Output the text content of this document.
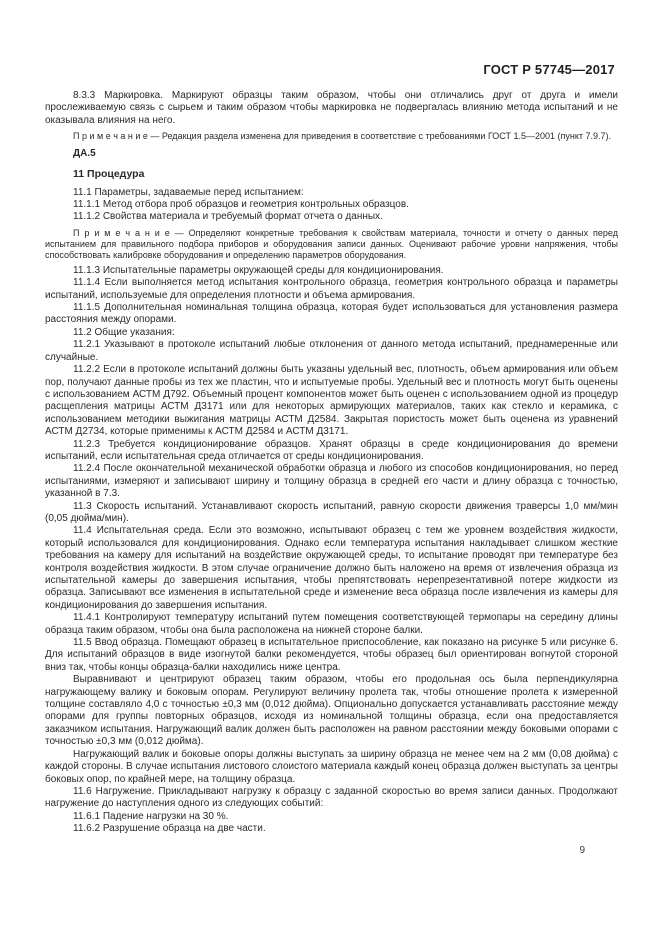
ГОСТ Р 57745—2017

8.3.3 Маркировка. Маркируют образцы таким образом, чтобы они отличались друг от друга и имели прослеживаемую связь с сырьем и таким образом чтобы маркировка не подвергалась влиянию метода испытаний и не оказывала влияния на него.

П р и м е ч а н и е — Редакция раздела изменена для приведения в соответствие с требованиями ГОСТ 1.5—2001 (пункт 7.9.7).

ДА.5

11 Процедура

11.1 Параметры, задаваемые перед испытанием:

11.1.1 Метод отбора проб образцов и геометрия контрольных образцов.

11.1.2 Свойства материала и требуемый формат отчета о данных.

П р и м е ч а н и е — Определяют конкретные требования к свойствам материала, точности и отчету о данных перед испытанием для правильного подбора приборов и оборудования записи данных. Оценивают рабочие уровни напряжения, чтобы способствовать калибровке оборудования и определению параметров оборудования.

11.1.3 Испытательные параметры окружающей среды для кондиционирования.

11.1.4 Если выполняется метод испытания контрольного образца, геометрия контрольного образца и параметры испытаний, используемые для определения плотности и объема армирования.

11.1.5 Дополнительная номинальная толщина образца, которая будет использоваться для установления размера расстояния между опорами.

11.2 Общие указания:

11.2.1 Указывают в протоколе испытаний любые отклонения от данного метода испытаний, преднамеренные или случайные.

11.2.2 Если в протоколе испытаний должны быть указаны удельный вес, плотность, объем армирования или объем пор, получают данные пробы из тех же пластин, что и испытуемые пробы. Удельный вес и плотность могут быть оценены с использованием АСТМ Д792. Объемный процент компонентов может быть оценен с использованием одной из процедур расщепления матрицы АСТМ Д3171 или для некоторых армирующих материалов, таких как стекло и керамика, с использованием методики выжигания матрицы АСТМ Д2584. Закрытая пористость может быть оценена из уравнений АСТМ Д2734, которые применимы к АСТМ Д2584 и АСТМ Д3171.

11.2.3 Требуется кондиционирование образцов. Хранят образцы в среде кондиционирования до времени испытаний, если испытательная среда отличается от среды кондиционирования.

11.2.4 После окончательной механической обработки образца и любого из способов кондиционирования, но перед испытаниями, измеряют и записывают ширину и толщину образца в средней его части и длину образца с точностью, указанной в 7.3.

11.3 Скорость испытаний. Устанавливают скорость испытаний, равную скорости движения траверсы 1,0 мм/мин (0,05 дюйма/мин).

11.4 Испытательная среда. Если это возможно, испытывают образец с тем же уровнем воздействия жидкости, который использовался для кондиционирования. Однако если температура испытания накладывает слишком жесткие требования на камеру для испытаний на воздействие окружающей среды, то испытание проводят при температуре без контроля воздействия жидкости. В этом случае ограничение должно быть наложено на время от извлечения образца из испытательной камеры до завершения испытания, чтобы препятствовать нерепрезентативной потере жидкости из образца. Записывают все изменения в испытательной среде и изменение веса образца после извлечения из камеры для кондиционирования до завершения испытания.

11.4.1 Контролируют температуру испытаний путем помещения соответствующей термопары на середину длины образца таким образом, чтобы она была расположена на нижней стороне балки.

11.5 Ввод образца. Помещают образец в испытательное приспособление, как показано на рисунке 5 или рисунке 6. Для испытаний образцов в виде изогнутой балки рекомендуется, чтобы образец был ориентирован вогнутой стороной вниз так, чтобы концы образца-балки находились ниже центра.

Выравнивают и центрируют образец таким образом, чтобы его продольная ось была перпендикулярна нагружающему валику и боковым опорам. Регулируют величину пролета так, чтобы отношение пролета к измеренной толщине составляло 4,0 с точностью ±0,3 мм (0,012 дюйма). Опционально допускается устанавливать расстояние между опорами для группы повторных образцов, исходя из номинальной толщины образца, если она предоставляется заказчиком испытания. Нагружающий валик должен быть расположен на равном расстоянии между боковыми опорами с точностью ±0,3 мм (0,012 дюйма).

Нагружающий валик и боковые опоры должны выступать за ширину образца не менее чем на 2 мм (0,08 дюйма) с каждой стороны. В случае испытания листового слоистого материала каждый конец образца должен выступать за центры боковых опор, по крайней мере, на толщину образца.

11.6 Нагружение. Прикладывают нагрузку к образцу с заданной скоростью во время записи данных. Продолжают нагружение до наступления одного из следующих событий:

11.6.1 Падение нагрузки на 30 %.

11.6.2 Разрушение образца на две части.

9
